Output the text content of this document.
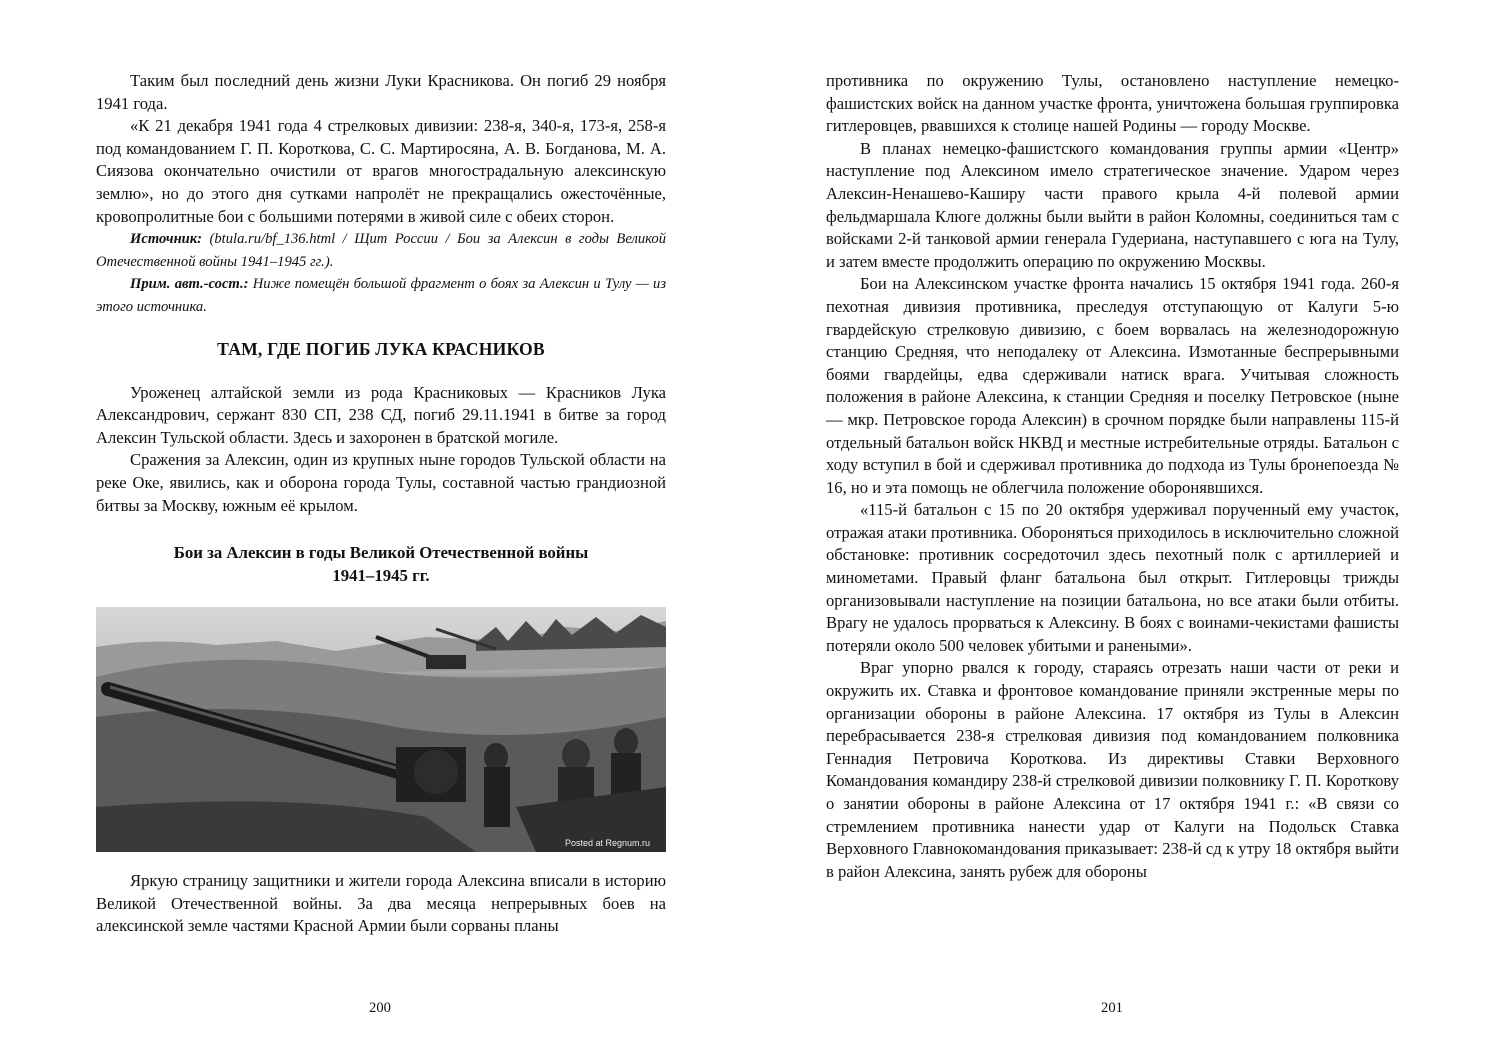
Таким был последний день жизни Луки Красникова. Он погиб 29 ноября 1941 года.

«К 21 декабря 1941 года 4 стрелковых дивизии: 238-я, 340-я, 173-я, 258-я под командованием Г. П. Короткова, С. С. Мартиросяна, А. В. Богданова, М. А. Сиязова окончательно очистили от врагов многострадальную алексинскую землю», но до этого дня сутками напролёт не прекращались ожесточённые, кровопролитные бои с большими потерями в живой силе с обеих сторон.

Источник: (btula.ru/bf_136.html / Щит России / Бои за Алексин в годы Великой Отечественной войны 1941–1945 гг.).

Прим. авт.-сост.: Ниже помещён большой фрагмент о боях за Алексин и Тулу — из этого источника.

ТАМ, ГДЕ ПОГИБ ЛУКА КРАСНИКОВ

Уроженец алтайской земли из рода Красниковых — Красников Лука Александрович, сержант 830 СП, 238 СД, погиб 29.11.1941 в битве за город Алексин Тульской области. Здесь и захоронен в братской могиле.

Сражения за Алексин, один из крупных ныне городов Тульской области на реке Оке, явились, как и оборона города Тулы, составной частью грандиозной битвы за Москву, южным её крылом.

Бои за Алексин в годы Великой Отечественной войны
1941–1945 гг.
Posted at Regnum.ru

Яркую страницу защитники и жители города Алексина вписали в историю Великой Отечественной войны. За два месяца непрерывных боев на алексинской земле частями Красной Армии были сорваны планы

200

противника по окружению Тулы, остановлено наступление немецко-фашистских войск на данном участке фронта, уничтожена большая группировка гитлеровцев, рвавшихся к столице нашей Родины — городу Москве.

В планах немецко-фашистского командования группы армии «Центр» наступление под Алексином имело стратегическое значение. Ударом через Алексин-Ненашево-Каширу части правого крыла 4-й полевой армии фельдмаршала Клюге должны были выйти в район Коломны, соединиться там с войсками 2-й танковой армии генерала Гудериана, наступавшего с юга на Тулу, и затем вместе продолжить операцию по окружению Москвы.

Бои на Алексинском участке фронта начались 15 октября 1941 года. 260-я пехотная дивизия противника, преследуя отступающую от Калуги 5-ю гвардейскую стрелковую дивизию, с боем ворвалась на железнодорожную станцию Средняя, что неподалеку от Алексина. Измотанные беспрерывными боями гвардейцы, едва сдерживали натиск врага. Учитывая сложность положения в районе Алексина, к станции Средняя и поселку Петровское (ныне — мкр. Петровское города Алексин) в срочном порядке были направлены 115-й отдельный батальон войск НКВД и местные истребительные отряды. Батальон с ходу вступил в бой и сдерживал противника до подхода из Тулы бронепоезда № 16, но и эта помощь не облегчила положение оборонявшихся.

«115-й батальон с 15 по 20 октября удерживал порученный ему участок, отражая атаки противника. Обороняться приходилось в исключительно сложной обстановке: противник сосредоточил здесь пехотный полк с артиллерией и минометами. Правый фланг батальона был открыт. Гитлеровцы трижды организовывали наступление на позиции батальона, но все атаки были отбиты. Врагу не удалось прорваться к Алексину. В боях с воинами-чекистами фашисты потеряли около 500 человек убитыми и ранеными».

Враг упорно рвался к городу, стараясь отрезать наши части от реки и окружить их. Ставка и фронтовое командование приняли экстренные меры по организации обороны в районе Алексина. 17 октября из Тулы в Алексин перебрасывается 238-я стрелковая дивизия под командованием полковника Геннадия Петровича Короткова. Из директивы Ставки Верховного Командования командиру 238-й стрелковой дивизии полковнику Г. П. Короткову о занятии обороны в районе Алексина от 17 октября 1941 г.: «В связи со стремлением противника нанести удар от Калуги на Подольск Ставка Верховного Главнокомандования приказывает: 238-й сд к утру 18 октября выйти в район Алексина, занять рубеж для обороны

201
